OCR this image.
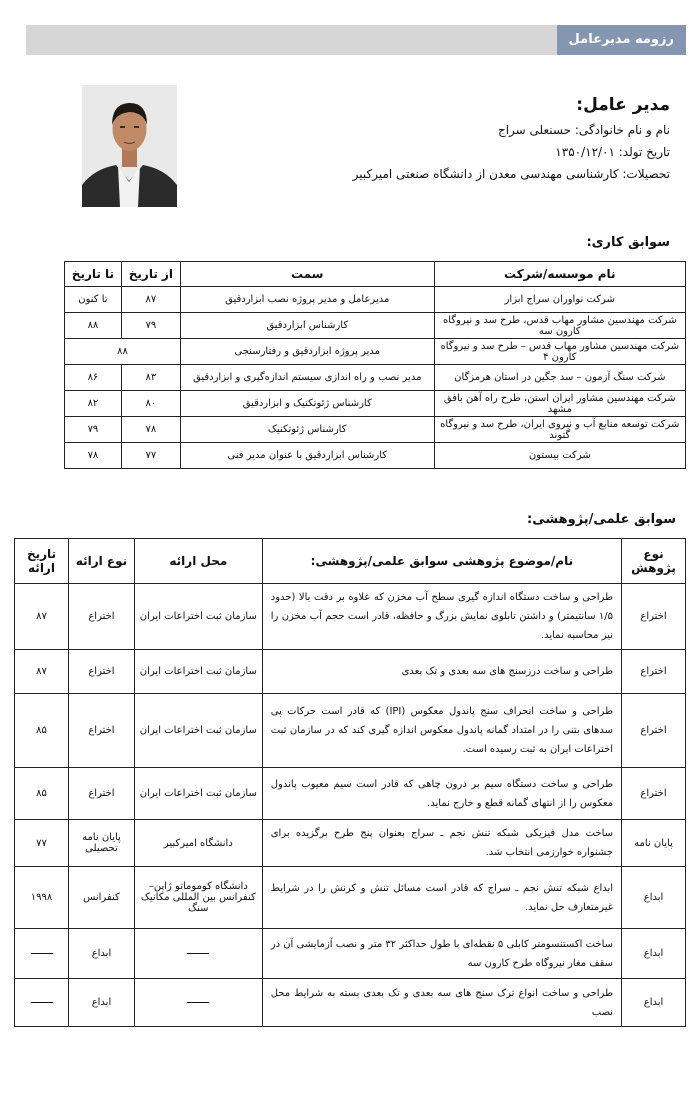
رزومه مدیرعامل
مدیر عامل:
نام و نام خانوادگی: حسنعلی سراج
تاریخ تولد: ۱۳۵۰/۱۲/۰۱
تحصیلات: کارشناسی مهندسی معدن از دانشگاه صنعتی امیرکبیر
سوابق کاری:
نام موسسه/شرکت	سمت	از تاریخ	تا تاریخ
شرکت نواوران سراج ابزار	مدیرعامل و مدیر پروژه نصب ابزاردقیق	۸۷	تا کنون
شرکت مهندسین مشاور مهاب قدس، طرح سد و نیروگاه کارون سه	کارشناس ابزاردقیق	۷۹	۸۸
شرکت مهندسین مشاور مهاب قدس – طرح سد و نیروگاه کارون ۴	مدیر پروژه ابزاردقیق و رفتارسنجی	۸۸	
شرکت سنگ آزمون – سد جگین در استان هرمزگان	مدیر نصب و راه اندازی سیستم اندازه‌گیری و ابزاردقیق	۸۳	۸۶
شرکت مهندسین مشاور ایران استن، طرح راه آهن بافق مشهد	کارشناس ژئوتکنیک و ابزاردقیق	۸۰	۸۲
شرکت توسعه منابع آب و نیروی ایران، طرح سد و نیروگاه گتوند	کارشناس ژئوتکنیک	۷۸	۷۹
شرکت بیستون	کارشناس ابزاردقیق با عنوان مدیر فنی	۷۷	۷۸
سوابق علمی/پژوهشی:
نوع پژوهش	نام/موضوع پژوهشی سوابق علمی/پژوهشی:	محل ارائه	نوع ارائه	تاریخ ارائه
اختراع	طراحی و ساخت دستگاه اندازه گیری سطح آب مخزن که علاوه بر دقت بالا (حدود ۱/۵ سانتیمتر) و داشتن تابلوی نمایش بزرگ و حافظه، قادر است حجم آب مخزن را نیز محاسبه نماید.	سازمان ثبت اختراعات ایران	اختراع	۸۷
اختراع	طراحی و ساخت درزسنج های سه بعدی و تک بعدی	سازمان ثبت اختراعات ایران	اختراع	۸۷
اختراع	طراحی و ساخت انحراف سنج پاندول معکوس (IPI) که قادر است حرکات پی سدهای بتنی را در امتداد گمانه پاندول معکوس اندازه گیری کند که در سازمان ثبت اختراعات ایران به ثبت رسیده است.	سازمان ثبت اختراعات ایران	اختراع	۸۵
اختراع	طراحی و ساخت دستگاه سیم بر درون چاهی که قادر است سیم معیوب پاندول معکوس را از انتهای گمانه قطع و خارج نماید.	سازمان ثبت اختراعات ایران	اختراع	۸۵
پایان نامه	ساخت مدل فیزیکی شبکه تنش نجم ـ سراج بعنوان پنج طرح برگزیده برای جشنواره خوارزمی انتخاب شد.	دانشگاه امیرکبیر	پایان نامه تحصیلی	۷۷
ابداع	ابداع شبکه تنش نجم ـ سراج که قادر است مسائل تنش و کرنش را در شرایط غیرمتعارف حل نماید.	دانشگاه کوموماتو ژاپن– کنفرانس بین المللی مکانیک سنگ	کنفرانس	۱۹۹۸
ابداع	ساخت اکستنسومتر کابلی ۵ نقطه‌ای با طول حداکثر ۳۲ متر و نصب آزمایشی آن در سقف مغار نیروگاه طرح کارون سه		ابداع	
ابداع	طراحی و ساخت انواع ترک سنج های سه بعدی و تک بعدی بسته به شرایط محل نصب		ابداع	
